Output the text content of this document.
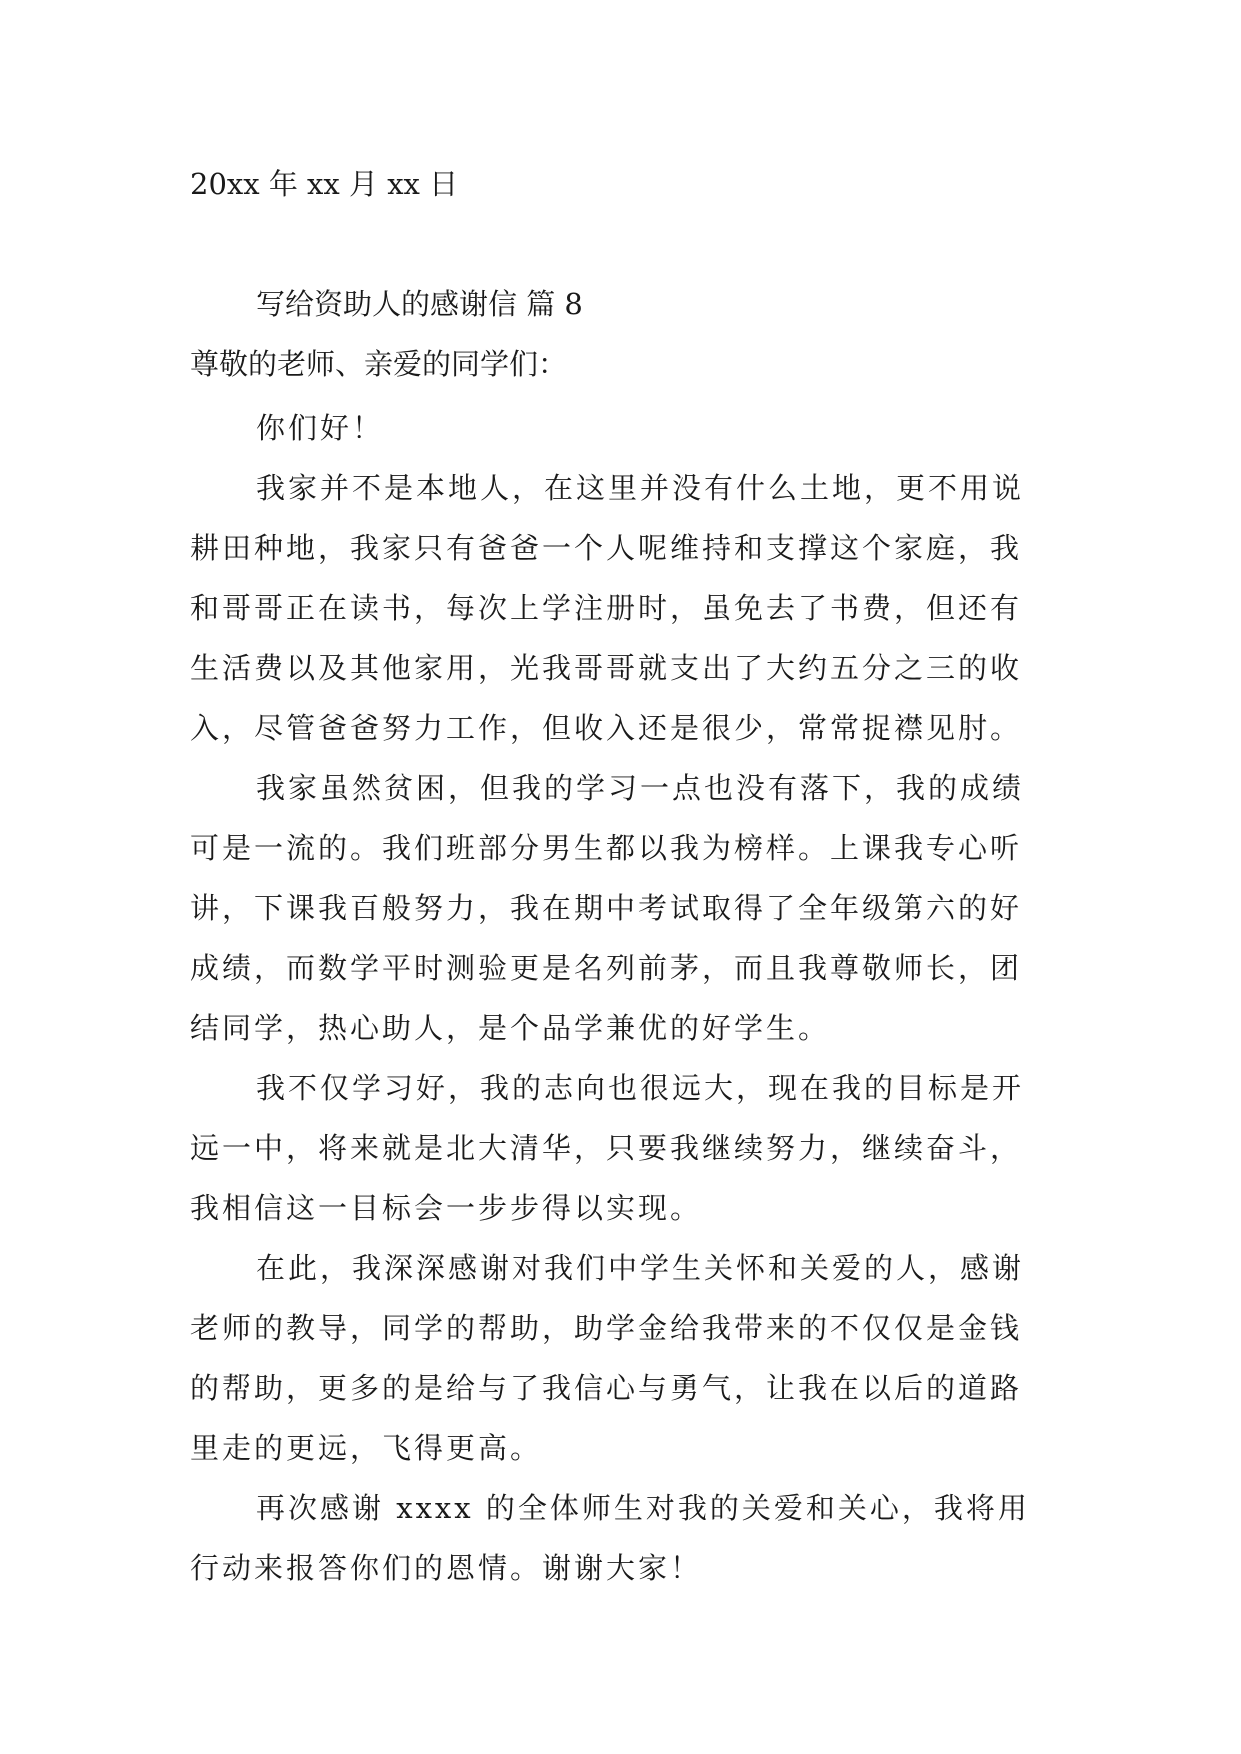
20xx 年 xx 月 xx 日
写给资助人的感谢信 篇 8
尊敬的老师、亲爱的同学们：
你们好！
我家并不是本地人，在这里并没有什么土地，更不用说
耕田种地，我家只有爸爸一个人呢维持和支撑这个家庭，我
和哥哥正在读书，每次上学注册时，虽免去了书费，但还有
生活费以及其他家用，光我哥哥就支出了大约五分之三的收
入，尽管爸爸努力工作，但收入还是很少，常常捉襟见肘。
我家虽然贫困，但我的学习一点也没有落下，我的成绩
可是一流的。我们班部分男生都以我为榜样。上课我专心听
讲，下课我百般努力，我在期中考试取得了全年级第六的好
成绩，而数学平时测验更是名列前茅，而且我尊敬师长，团
结同学，热心助人，是个品学兼优的好学生。
我不仅学习好，我的志向也很远大，现在我的目标是开
远一中，将来就是北大清华，只要我继续努力，继续奋斗，
我相信这一目标会一步步得以实现。
在此，我深深感谢对我们中学生关怀和关爱的人，感谢
老师的教导，同学的帮助，助学金给我带来的不仅仅是金钱
的帮助，更多的是给与了我信心与勇气，让我在以后的道路
里走的更远，飞得更高。
再次感谢 xxxx 的全体师生对我的关爱和关心，我将用
行动来报答你们的恩情。谢谢大家！
